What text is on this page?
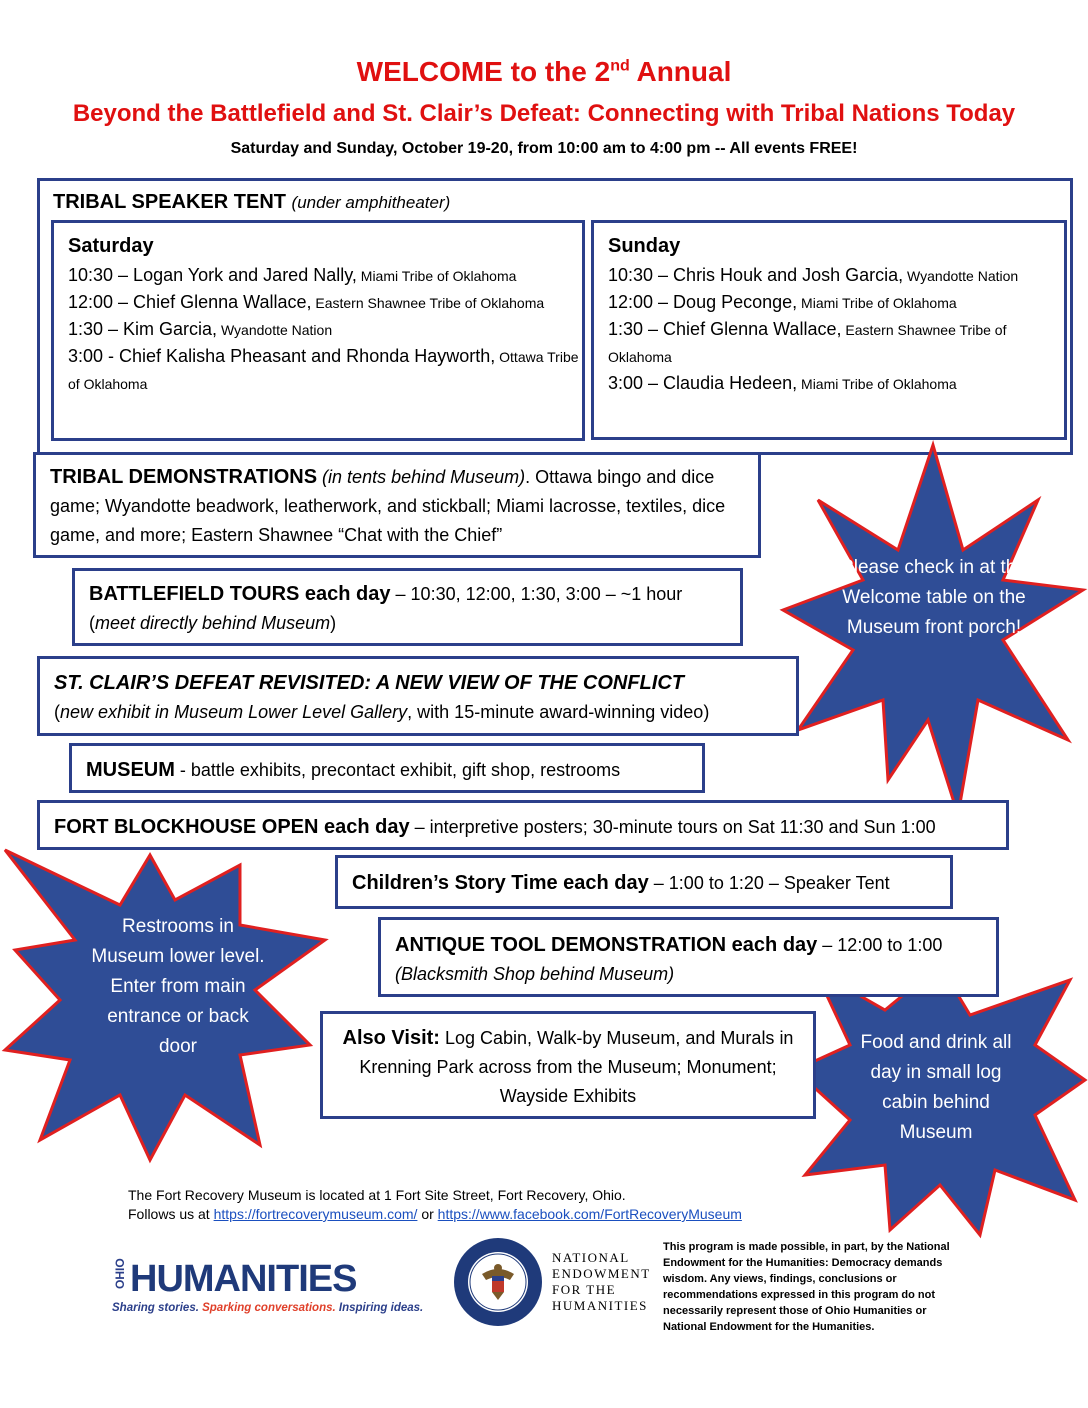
WELCOME to the 2nd Annual
Beyond the Battlefield and St. Clair’s Defeat: Connecting with Tribal Nations Today
Saturday and Sunday, October 19-20, from 10:00 am to 4:00 pm -- All events FREE!
TRIBAL SPEAKER TENT (under amphitheater)
Saturday
10:30 – Logan York and Jared Nally, Miami Tribe of Oklahoma
12:00 – Chief Glenna Wallace, Eastern Shawnee Tribe of Oklahoma
1:30 – Kim Garcia, Wyandotte Nation
3:00 - Chief Kalisha Pheasant and Rhonda Hayworth, Ottawa Tribe of Oklahoma
Sunday
10:30 – Chris Houk and Josh Garcia, Wyandotte Nation
12:00 – Doug Peconge, Miami Tribe of Oklahoma
1:30 – Chief Glenna Wallace, Eastern Shawnee Tribe of Oklahoma
3:00 – Claudia Hedeen, Miami Tribe of Oklahoma
TRIBAL DEMONSTRATIONS (in tents behind Museum). Ottawa bingo and dice game; Wyandotte beadwork, leatherwork, and stickball; Miami lacrosse, textiles, dice game, and more; Eastern Shawnee “Chat with the Chief”
Please check in at the Welcome table on the Museum front porch!
BATTLEFIELD TOURS each day – 10:30, 12:00, 1:30, 3:00 – ~1 hour
(meet directly behind Museum)
ST. CLAIR’S DEFEAT REVISITED: A NEW VIEW OF THE CONFLICT
(new exhibit in Museum Lower Level Gallery, with 15-minute award-winning video)
MUSEUM - battle exhibits, precontact exhibit, gift shop, restrooms
FORT BLOCKHOUSE OPEN each day – interpretive posters; 30-minute tours on Sat 11:30 and Sun 1:00
Restrooms in Museum lower level. Enter from main entrance or back door	Food and drink all day in small log cabin behind Museum
Children’s Story Time each day – 1:00 to 1:20 – Speaker Tent
ANTIQUE TOOL DEMONSTRATION each day – 12:00 to 1:00
(Blacksmith Shop behind Museum)
Also Visit: Log Cabin, Walk-by Museum, and Murals in Krenning Park across from the Museum; Monument; Wayside Exhibits
The Fort Recovery Museum is located at 1 Fort Site Street, Fort Recovery, Ohio.
Follows us at https://fortrecoverymuseum.com/ or https://www.facebook.com/FortRecoveryMuseum
OHIO HUMANITIES
Sharing stories. Sparking conversations. Inspiring ideas.
NATIONAL
ENDOWMENT
FOR THE
HUMANITIES
This program is made possible, in part, by the National Endowment for the Humanities: Democracy demands wisdom. Any views, findings, conclusions or recommendations expressed in this program do not necessarily represent those of Ohio Humanities or National Endowment for the Humanities.
